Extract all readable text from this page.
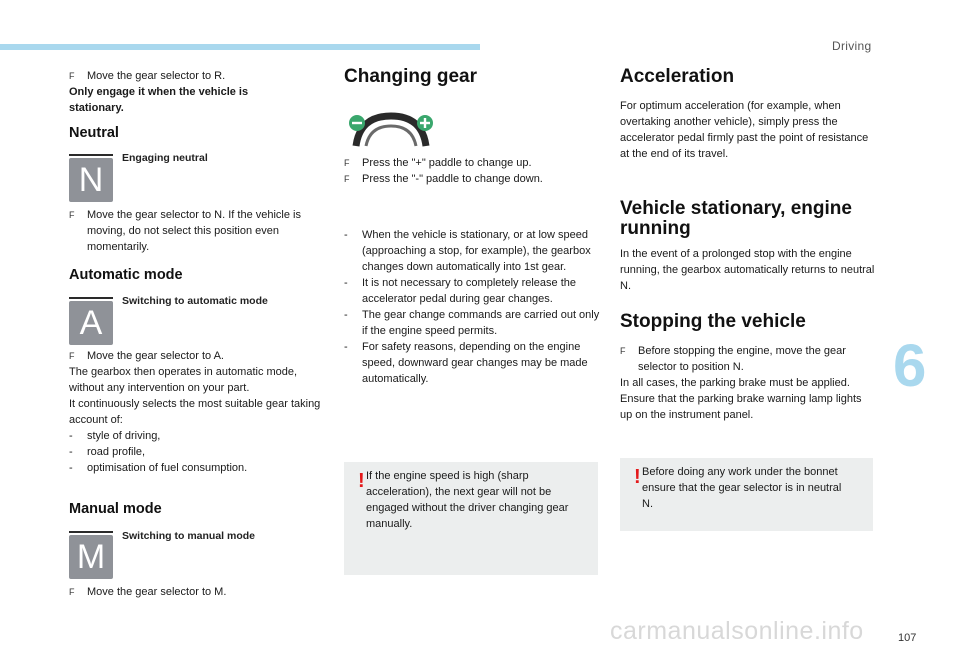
Driving
6
F	Move the gear selector to R.
Only engage it when the vehicle is stationary.
Neutral
N
Engaging neutral
F	Move the gear selector to N. If the vehicle is moving, do not select this position even momentarily.
Automatic mode
A
Switching to automatic mode
F	Move the gear selector to A.
The gearbox then operates in automatic mode, without any intervention on your part.
It continuously selects the most suitable gear taking account of:
-	style of driving,
-	road profile,
-	optimisation of fuel consumption.
Manual mode
M
Switching to manual mode
F	Move the gear selector to M.
Changing gear
F	Press the "+" paddle to change up.
F	Press the "-" paddle to change down.
-	When the vehicle is stationary, or at low speed (approaching a stop, for example), the gearbox changes down automatically into 1st gear.
-	It is not necessary to completely release the accelerator pedal during gear changes.
-	The gear change commands are carried out only if the engine speed permits.
-	For safety reasons, depending on the engine speed, downward gear changes may be made automatically.
! If the engine speed is high (sharp acceleration), the next gear will not be engaged without the driver changing gear manually.
Acceleration
For optimum acceleration (for example, when overtaking another vehicle), simply press the accelerator pedal firmly past the point of resistance at the end of its travel.
Vehicle stationary, engine running
In the event of a prolonged stop with the engine running, the gearbox automatically returns to neutral N.
Stopping the vehicle
F	Before stopping the engine, move the gear selector to position N.
In all cases, the parking brake must be applied.
Ensure that the parking brake warning lamp lights up on the instrument panel.
! Before doing any work under the bonnet ensure that the gear selector is in neutral N.
carmanualsonline.info	107
